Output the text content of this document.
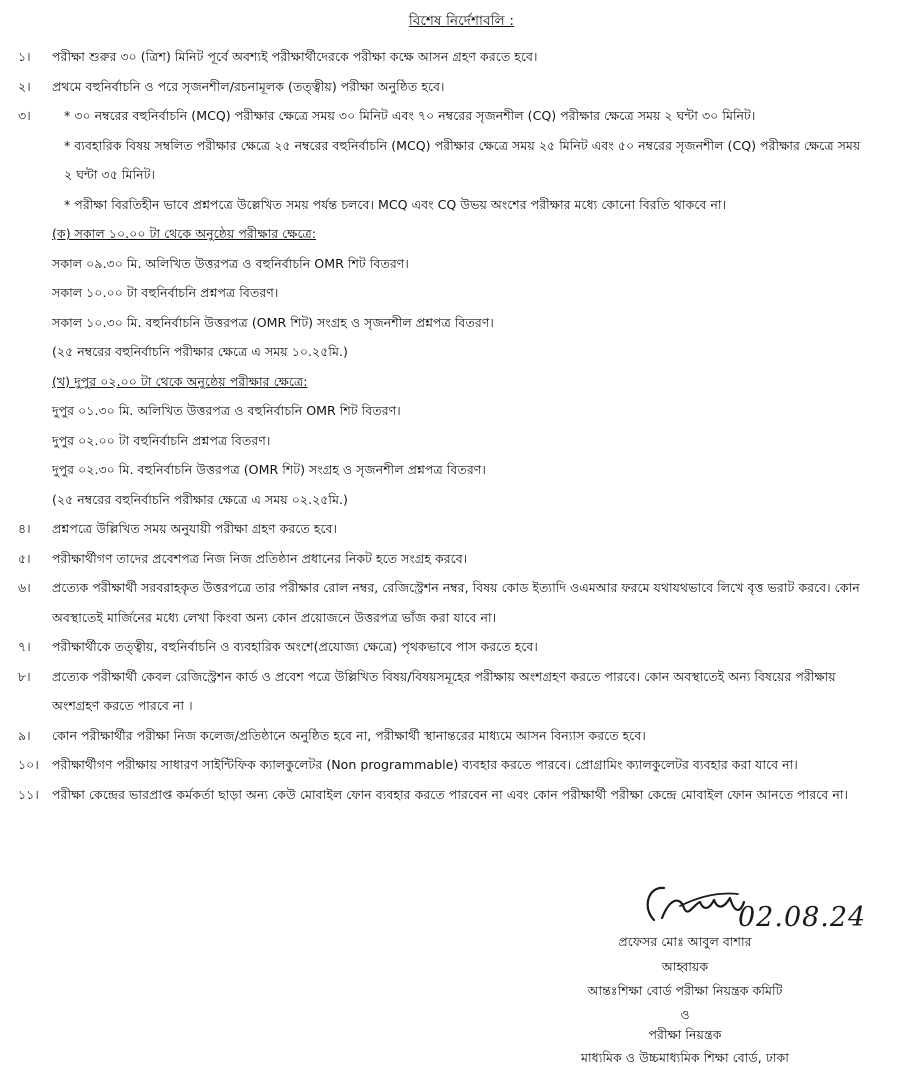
বিশেষ নির্দেশাবলি :
১।	পরীক্ষা শুরুর ৩০ (ত্রিশ) মিনিট পূর্বে অবশ্যই পরীক্ষার্থীদেরকে পরীক্ষা কক্ষে আসন গ্রহণ করতে হবে।
২।	প্রথমে বহুনির্বাচনি ও পরে সৃজনশীল/রচনামূলক (তত্ত্বীয়) পরীক্ষা অনুষ্ঠিত হবে।
৩।	* ৩০ নম্বরের বহুনির্বাচনি (MCQ) পরীক্ষার ক্ষেত্রে সময় ৩০ মিনিট এবং ৭০ নম্বরের সৃজনশীল (CQ) পরীক্ষার ক্ষেত্রে সময় ২ ঘন্টা ৩০ মিনিট।
* ব্যবহারিক বিষয় সম্বলিত পরীক্ষার ক্ষেত্রে ২৫ নম্বরের বহুনির্বাচনি (MCQ) পরীক্ষার ক্ষেত্রে সময় ২৫ মিনিট এবং ৫০ নম্বরের সৃজনশীল (CQ) পরীক্ষার ক্ষেত্রে সময়
২ ঘন্টা ৩৫ মিনিট।
* পরীক্ষা বিরতিহীন ভাবে প্রশ্নপত্রে উল্লেখিত সময় পর্যন্ত চলবে। MCQ এবং CQ উভয় অংশের পরীক্ষার মধ্যে কোনো বিরতি থাকবে না।
(ক) সকাল ১০.০০ টা থেকে অনুষ্ঠেয় পরীক্ষার ক্ষেত্রে:
সকাল ০৯.৩০ মি. অলিখিত উত্তরপত্র ও বহুনির্বাচনি OMR শিট বিতরণ।
সকাল ১০.০০ টা বহুনির্বাচনি প্রশ্নপত্র বিতরণ।
সকাল ১০.৩০ মি. বহুনির্বাচনি উত্তরপত্র (OMR শিট) সংগ্রহ ও সৃজনশীল প্রশ্নপত্র বিতরণ।
(২৫ নম্বরের বহুনির্বাচনি পরীক্ষার ক্ষেত্রে এ সময় ১০.২৫মি.)
(খ) দুপুর ০২.০০ টা থেকে অনুষ্ঠেয় পরীক্ষার ক্ষেত্রে:
দুপুর ০১.৩০ মি. অলিখিত উত্তরপত্র ও বহুনির্বাচনি OMR শিট বিতরণ।
দুপুর ০২.০০ টা বহুনির্বাচনি প্রশ্নপত্র বিতরণ।
দুপুর ০২.৩০ মি. বহুনির্বাচনি উত্তরপত্র (OMR শিট) সংগ্রহ ও সৃজনশীল প্রশ্নপত্র বিতরণ।
(২৫ নম্বরের বহুনির্বাচনি পরীক্ষার ক্ষেত্রে এ সময় ০২.২৫মি.)
৪।	প্রশ্নপত্রে উল্লিখিত সময় অনুযায়ী পরীক্ষা গ্রহণ করতে হবে।
৫।	পরীক্ষার্থীগণ তাদের প্রবেশপত্র নিজ নিজ প্রতিষ্ঠান প্রধানের নিকট হতে সংগ্রহ করবে।
৬।	প্রত্যেক পরীক্ষার্থী সরবরাহকৃত উত্তরপত্রে তার পরীক্ষার রোল নম্বর, রেজিস্ট্রেশন নম্বর, বিষয় কোড ইত্যাদি ওএমআর ফরমে যথাযথভাবে লিখে বৃত্ত ভরাট করবে। কোন
অবস্থাতেই মার্জিনের মধ্যে লেখা কিংবা অন্য কোন প্রয়োজনে উত্তরপত্র ভাঁজ করা যাবে না।
৭।	পরীক্ষার্থীকে তত্ত্বীয়, বহুনির্বাচনি ও ব্যবহারিক অংশে(প্রযোজ্য ক্ষেত্রে) পৃথকভাবে পাস করতে হবে।
৮।	প্রত্যেক পরীক্ষার্থী কেবল রেজিস্ট্রেশন কার্ড ও প্রবেশ পত্রে উল্লিখিত বিষয়/বিষয়সমূহের পরীক্ষায় অংশগ্রহণ করতে পারবে। কোন অবস্থাতেই অন্য বিষয়ের পরীক্ষায়
অংশগ্রহণ করতে পারবে না ।
৯।	কোন পরীক্ষার্থীর পরীক্ষা নিজ কলেজ/প্রতিষ্ঠানে অনুষ্ঠিত হবে না, পরীক্ষার্থী স্থানান্তরের মাধ্যমে আসন বিন্যাস করতে হবে।
১০।	পরীক্ষার্থীগণ পরীক্ষায় সাধারণ সাইন্টিফিক ক্যালকুলেটর (Non programmable) ব্যবহার করতে পারবে। প্রোগ্রামিং ক্যালকুলেটর ব্যবহার করা যাবে না।
১১।	পরীক্ষা কেন্দ্রের ভারপ্রাপ্ত কর্মকর্তা ছাড়া অন্য কেউ মোবাইল ফোন ব্যবহার করতে পারবেন না এবং কোন পরীক্ষার্থী পরীক্ষা কেন্দ্রে মোবাইল ফোন আনতে পারবে না।
02.08.24
প্রফেসর মোঃ আবুল বাশার
আহ্বায়ক
আন্তঃশিক্ষা বোর্ড পরীক্ষা নিয়ন্ত্রক কমিটি
ও
পরীক্ষা নিয়ন্ত্রক
মাধ্যমিক ও উচ্চমাধ্যমিক শিক্ষা বোর্ড, ঢাকা
